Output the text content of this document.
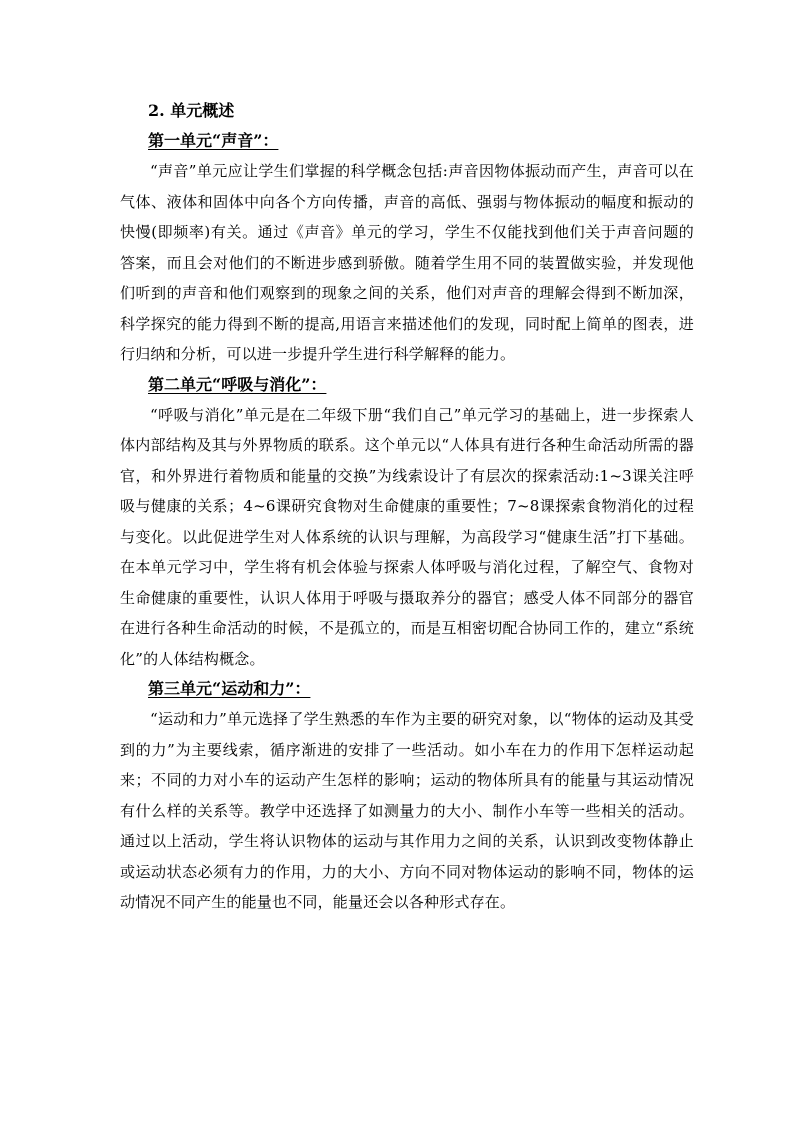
2. 单元概述

第一单元“声音”：

“声音”单元应让学生们掌握的科学概念包括:声音因物体振动而产生，声音可以在气体、液体和固体中向各个方向传播，声音的高低、强弱与物体振动的幅度和振动的快慢(即频率)有关。通过《声音》单元的学习，学生不仅能找到他们关于声音问题的答案，而且会对他们的不断进步感到骄傲。随着学生用不同的装置做实验，并发现他们听到的声音和他们观察到的现象之间的关系，他们对声音的理解会得到不断加深，科学探究的能力得到不断的提高,用语言来描述他们的发现，同时配上简单的图表，进行归纳和分析，可以进一步提升学生进行科学解释的能力。

第二单元“呼吸与消化”：

“呼吸与消化”单元是在二年级下册“我们自己”单元学习的基础上，进一步探索人体内部结构及其与外界物质的联系。这个单元以“人体具有进行各种生命活动所需的器官，和外界进行着物质和能量的交换”为线索设计了有层次的探索活动:1~3课关注呼吸与健康的关系；4~6课研究食物对生命健康的重要性；7~8课探索食物消化的过程与变化。以此促进学生对人体系统的认识与理解，为高段学习“健康生活”打下基础。在本单元学习中，学生将有机会体验与探索人体呼吸与消化过程，了解空气、食物对生命健康的重要性，认识人体用于呼吸与摄取养分的器官；感受人体不同部分的器官在进行各种生命活动的时候，不是孤立的，而是互相密切配合协同工作的，建立“系统化”的人体结构概念。

第三单元“运动和力”：

“运动和力”单元选择了学生熟悉的车作为主要的研究对象，以“物体的运动及其受到的力”为主要线索，循序渐进的安排了一些活动。如小车在力的作用下怎样运动起来；不同的力对小车的运动产生怎样的影响；运动的物体所具有的能量与其运动情况有什么样的关系等。教学中还选择了如测量力的大小、制作小车等一些相关的活动。通过以上活动，学生将认识物体的运动与其作用力之间的关系，认识到改变物体静止或运动状态必须有力的作用，力的大小、方向不同对物体运动的影响不同，物体的运动情况不同产生的能量也不同，能量还会以各种形式存在。
